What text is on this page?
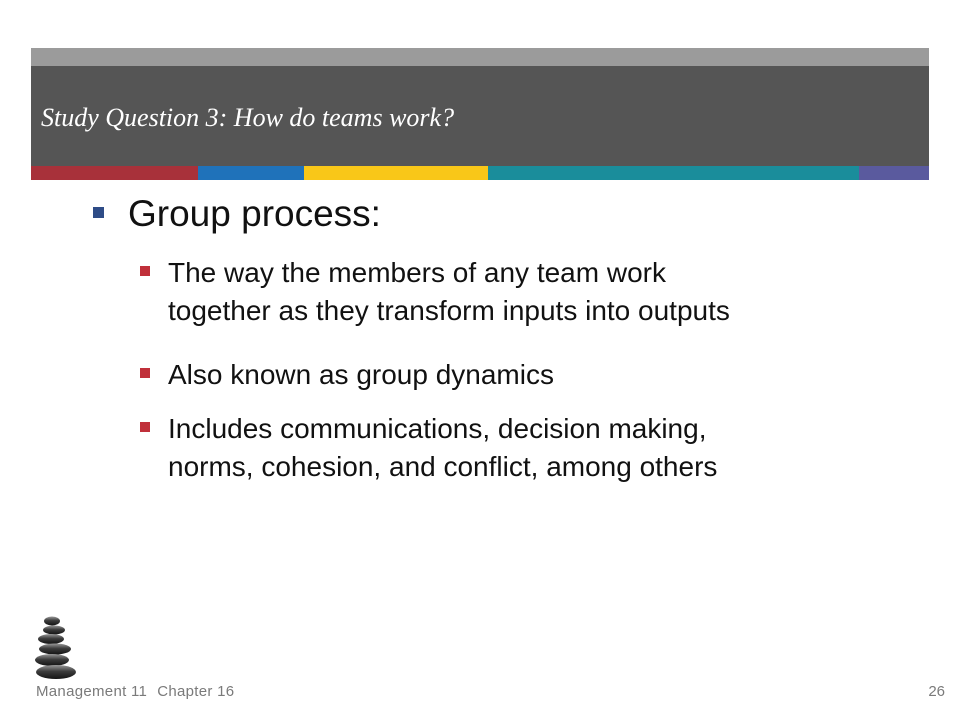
Study Question 3: How do teams work?
Group process:
The way the members of any team work
together as they transform inputs into outputs
Also known as group dynamics
Includes communications, decision making,
norms, cohesion, and conflict, among others
Management 11 Chapter 16	26
